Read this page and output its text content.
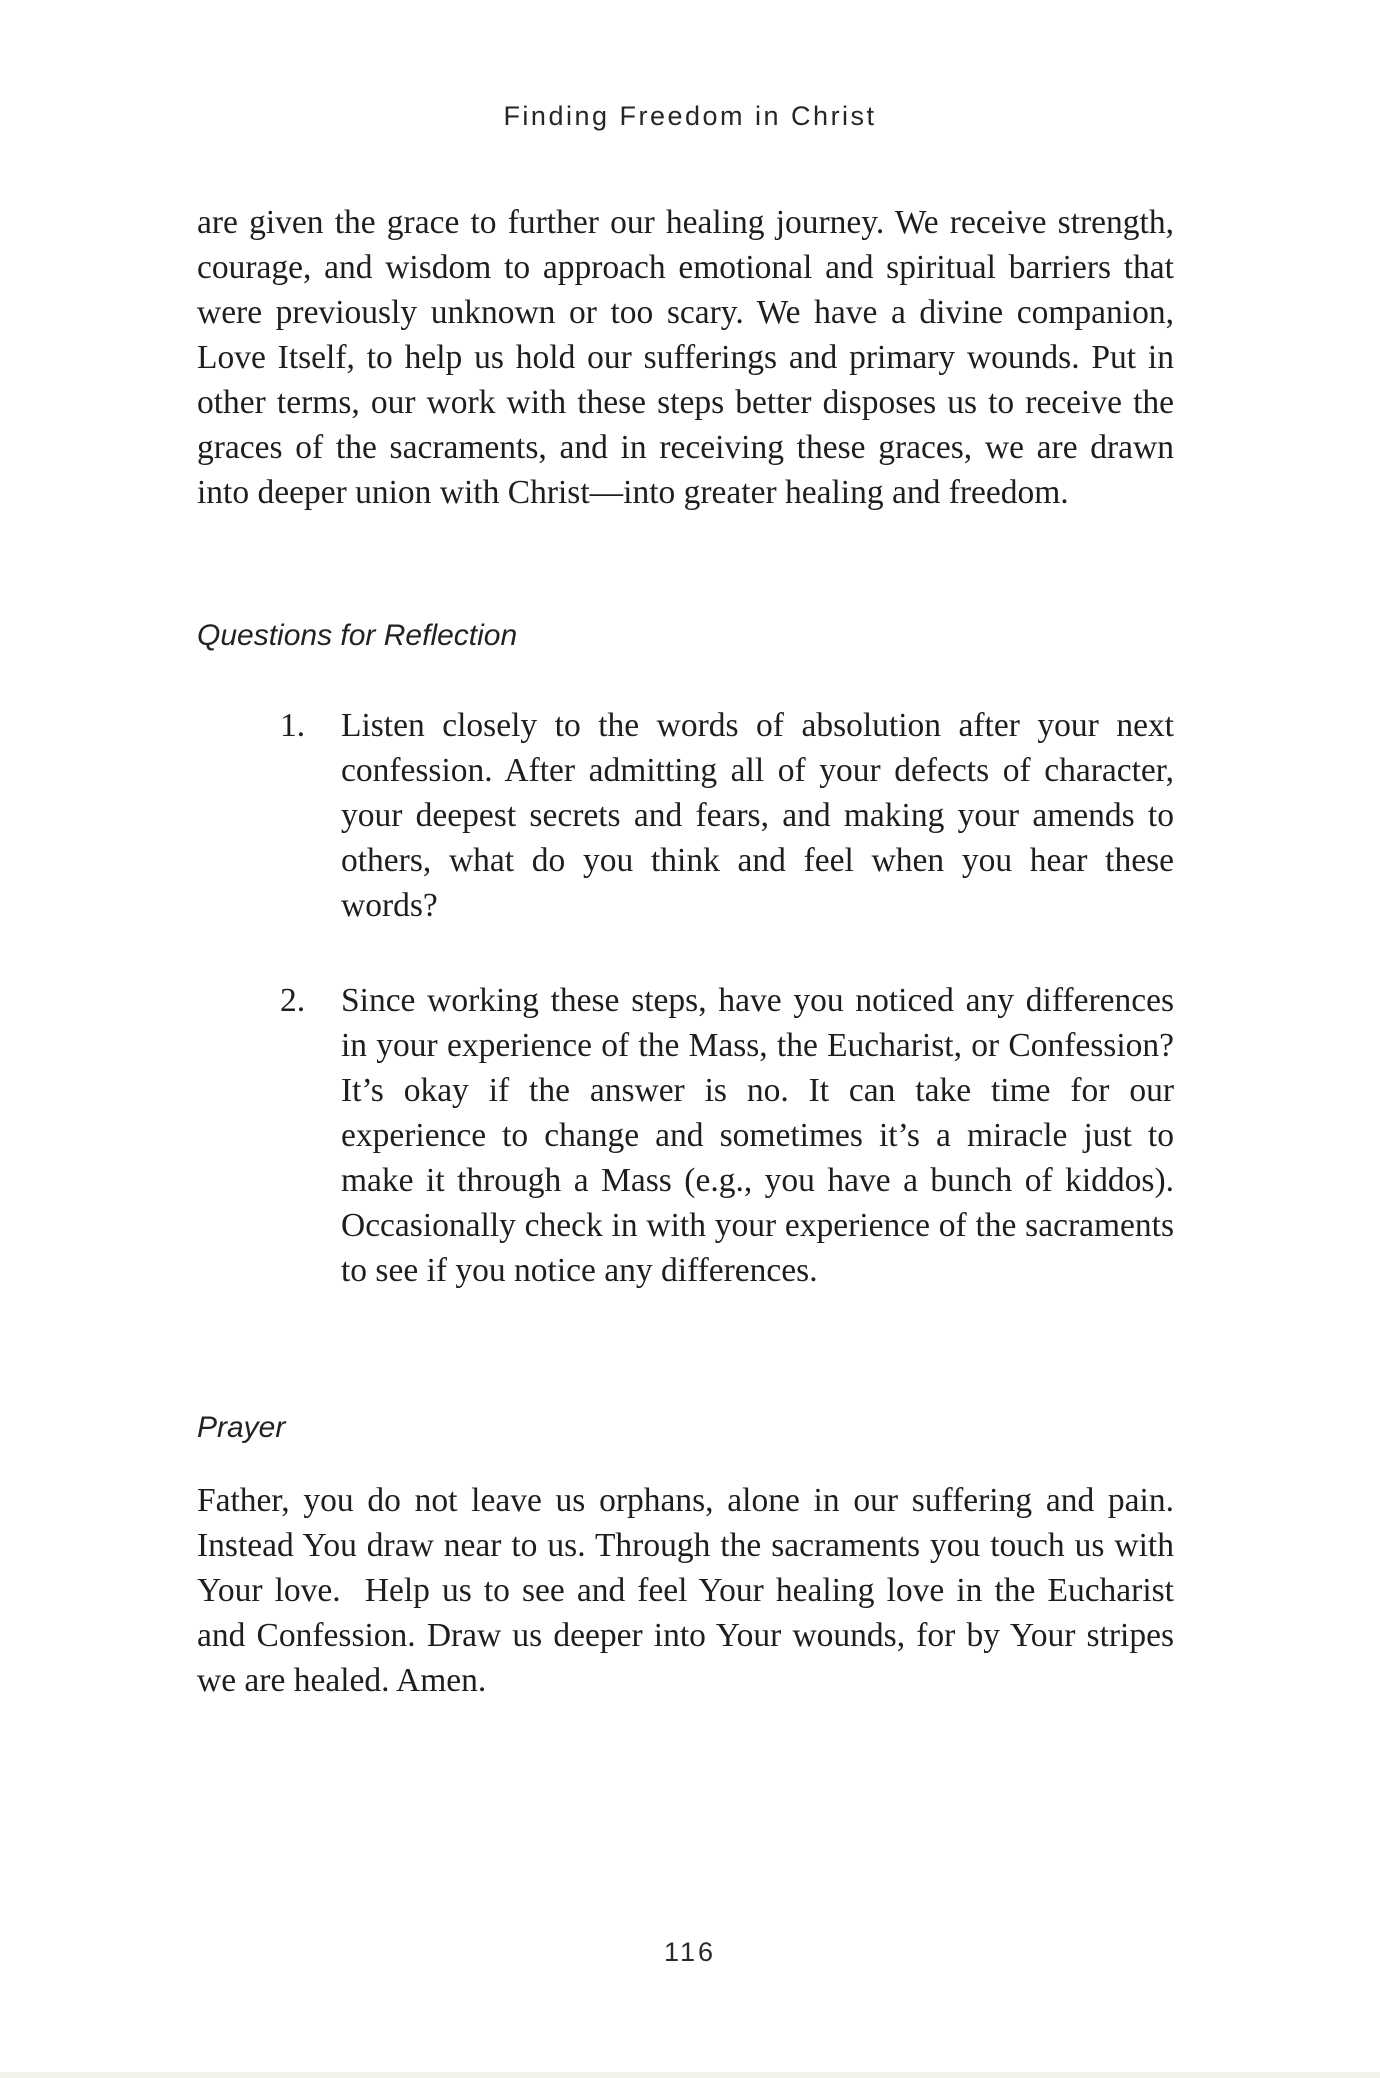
Finding Freedom in Christ
are given the grace to further our healing journey. We receive strength, courage, and wisdom to approach emotional and spiritual barriers that were previously unknown or too scary. We have a divine companion, Love Itself, to help us hold our sufferings and primary wounds. Put in other terms, our work with these steps better disposes us to receive the graces of the sacraments, and in receiving these graces, we are drawn into deeper union with Christ—into greater healing and freedom.
Questions for Reflection
1.	Listen closely to the words of absolution after your next confession. After admitting all of your defects of character, your deepest secrets and fears, and making your amends to others, what do you think and feel when you hear these words?
2.	Since working these steps, have you noticed any differences in your experience of the Mass, the Eucharist, or Confession? It’s okay if the answer is no. It can take time for our experience to change and sometimes it’s a miracle just to make it through a Mass (e.g., you have a bunch of kiddos). Occasionally check in with your experience of the sacraments to see if you notice any differences.
Prayer
Father, you do not leave us orphans, alone in our suffering and pain. Instead You draw near to us. Through the sacraments you touch us with Your love.  Help us to see and feel Your healing love in the Eucharist and Confession. Draw us deeper into Your wounds, for by Your stripes we are healed. Amen.
116
